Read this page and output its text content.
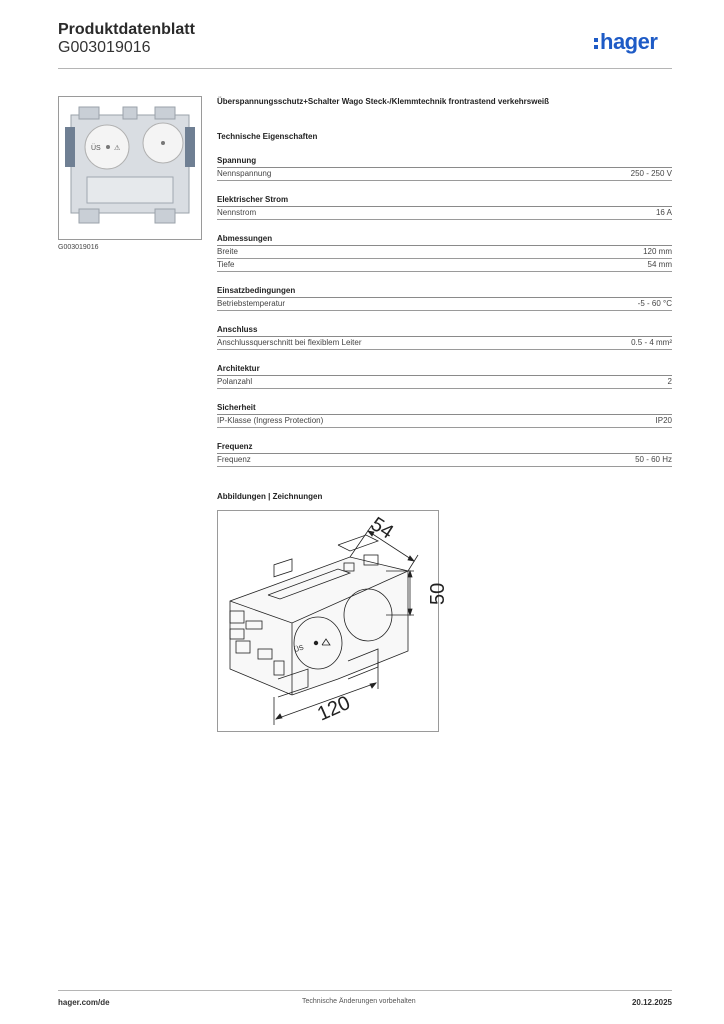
Produktdatenblatt
G003019016	hager
ÜS ⚠
G003019016

Überspannungsschutz+Schalter Wago Steck-/Klemmtechnik frontrastend verkehrsweiß

Technische Eigenschaften
Spannung
Nennspannung	250 - 250 V
Elektrischer Strom
Nennstrom	16 A
Abmessungen
Breite	120 mm
Tiefe	54 mm
Einsatzbedingungen
Betriebstemperatur	-5 - 60 °C
Anschluss
Anschlussquerschnitt bei flexiblem Leiter	0.5 - 4 mm²
Architektur
Polanzahl	2
Sicherheit
IP-Klasse (Ingress Protection)	IP20
Frequenz
Frequenz	50 - 60 Hz
Abbildungen | Zeichnungen
ÜS
54
50
120
hager.com/de	Technische Änderungen vorbehalten	20.12.2025
